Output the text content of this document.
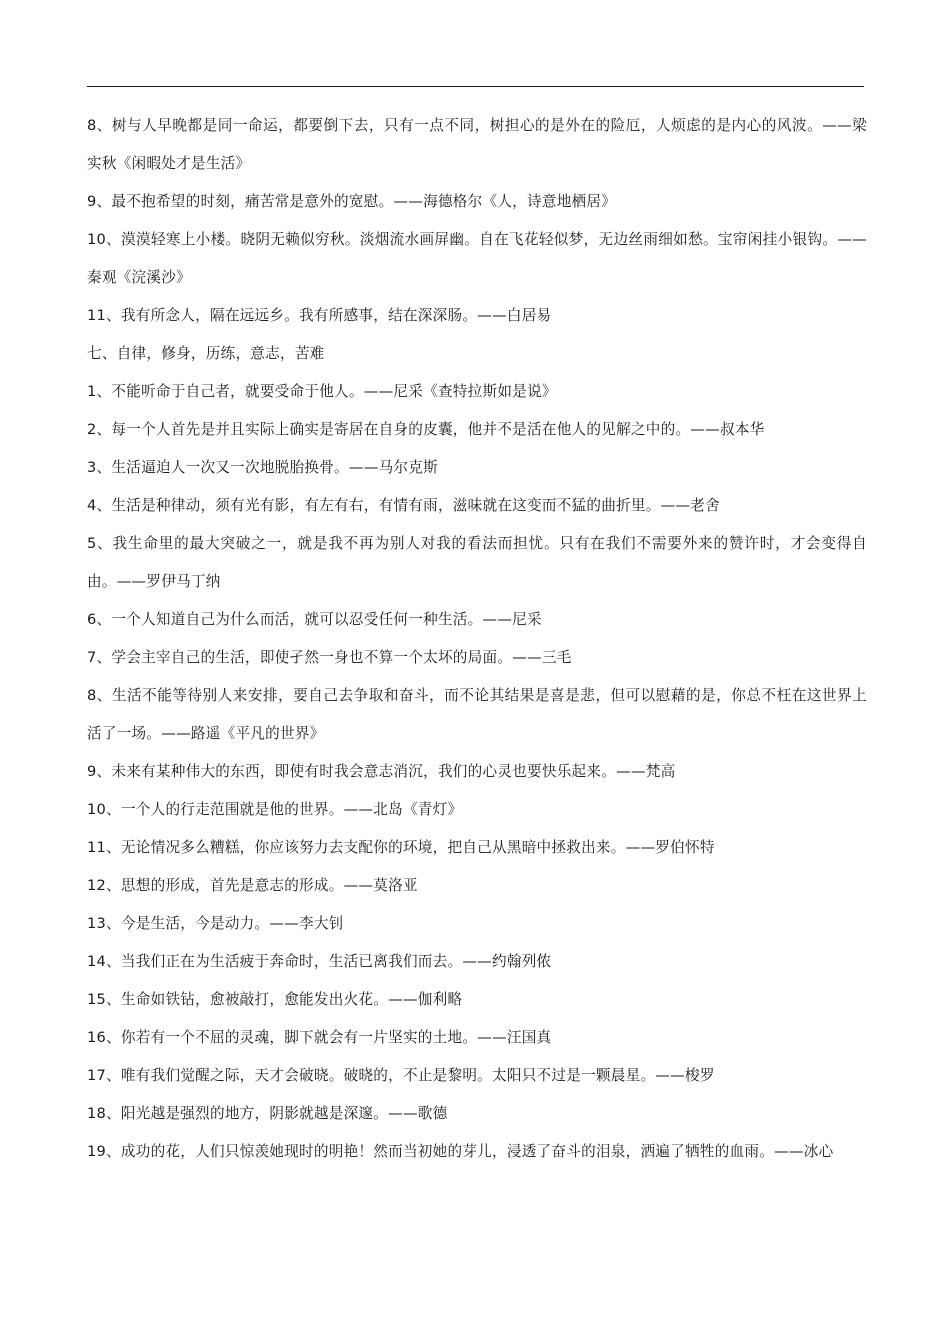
8、树与人早晚都是同一命运，都要倒下去，只有一点不同，树担心的是外在的险厄，人烦虑的是内心的风波。——梁实秋《闲暇处才是生活》

9、最不抱希望的时刻，痛苦常是意外的宽慰。——海德格尔《人，诗意地栖居》

10、漠漠轻寒上小楼。晓阴无赖似穷秋。淡烟流水画屏幽。自在飞花轻似梦，无边丝雨细如愁。宝帘闲挂小银钩。——秦观《浣溪沙》

11、我有所念人，隔在远远乡。我有所感事，结在深深肠。——白居易

七、自律，修身，历练，意志，苦难

1、不能听命于自己者，就要受命于他人。——尼采《查特拉斯如是说》

2、每一个人首先是并且实际上确实是寄居在自身的皮囊，他并不是活在他人的见解之中的。——叔本华

3、生活逼迫人一次又一次地脱胎换骨。——马尔克斯

4、生活是种律动，须有光有影，有左有右，有情有雨，滋味就在这变而不猛的曲折里。——老舍

5、我生命里的最大突破之一，就是我不再为别人对我的看法而担忧。只有在我们不需要外来的赞许时，才会变得自由。——罗伊马丁纳

6、一个人知道自己为什么而活，就可以忍受任何一种生活。——尼采

7、学会主宰自己的生活，即使孑然一身也不算一个太坏的局面。——三毛

8、生活不能等待别人来安排，要自己去争取和奋斗，而不论其结果是喜是悲，但可以慰藉的是，你总不枉在这世界上活了一场。——路遥《平凡的世界》

9、未来有某种伟大的东西，即使有时我会意志消沉，我们的心灵也要快乐起来。——梵高

10、一个人的行走范围就是他的世界。——北岛《青灯》

11、无论情况多么糟糕，你应该努力去支配你的环境，把自己从黑暗中拯救出来。——罗伯怀特

12、思想的形成，首先是意志的形成。——莫洛亚

13、今是生活，今是动力。——李大钊

14、当我们正在为生活疲于奔命时，生活已离我们而去。——约翰列侬

15、生命如铁钻，愈被敲打，愈能发出火花。——伽利略

16、你若有一个不屈的灵魂，脚下就会有一片坚实的土地。——汪国真

17、唯有我们觉醒之际，天才会破晓。破晓的，不止是黎明。太阳只不过是一颗晨星。——梭罗

18、阳光越是强烈的地方，阴影就越是深邃。——歌德

19、成功的花，人们只惊羡她现时的明艳！然而当初她的芽儿，浸透了奋斗的泪泉，洒遍了牺牲的血雨。——冰心
